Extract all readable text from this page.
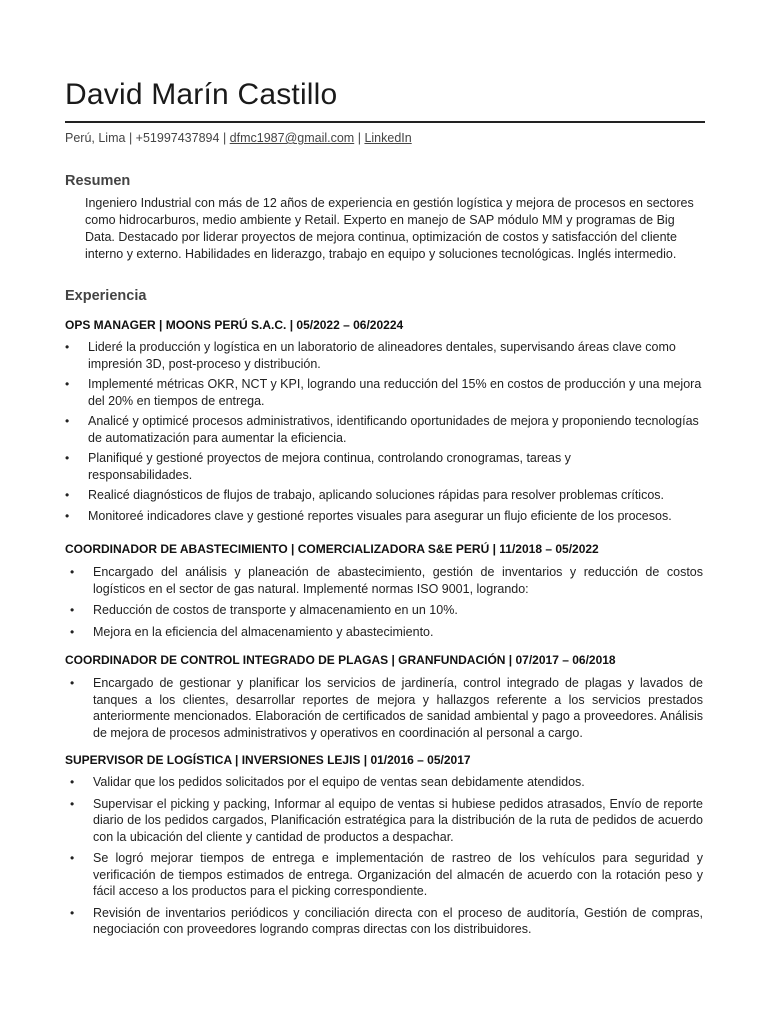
David Marín Castillo
Perú, Lima | +51997437894 | dfmc1987@gmail.com | LinkedIn
Resumen
Ingeniero Industrial con más de 12 años de experiencia en gestión logística y mejora de procesos en sectores como hidrocarburos, medio ambiente y Retail. Experto en manejo de SAP módulo MM y programas de Big Data. Destacado por liderar proyectos de mejora continua, optimización de costos y satisfacción del cliente interno y externo. Habilidades en liderazgo, trabajo en equipo y soluciones tecnológicas. Inglés intermedio.
Experiencia
OPS MANAGER | MOONS PERÚ S.A.C. | 05/2022 – 06/20224
• Lideré la producción y logística en un laboratorio de alineadores dentales, supervisando áreas clave como impresión 3D, post-proceso y distribución.
• Implementé métricas OKR, NCT y KPI, logrando una reducción del 15% en costos de producción y una mejora del 20% en tiempos de entrega.
• Analicé y optimicé procesos administrativos, identificando oportunidades de mejora y proponiendo tecnologías de automatización para aumentar la eficiencia.
• Planifiqué y gestioné proyectos de mejora continua, controlando cronogramas, tareas y responsabilidades.
• Realicé diagnósticos de flujos de trabajo, aplicando soluciones rápidas para resolver problemas críticos.
• Monitoreé indicadores clave y gestioné reportes visuales para asegurar un flujo eficiente de los procesos.
COORDINADOR DE ABASTECIMIENTO | COMERCIALIZADORA S&E PERÚ | 11/2018 – 05/2022
• Encargado del análisis y planeación de abastecimiento, gestión de inventarios y reducción de costos logísticos en el sector de gas natural. Implementé normas ISO 9001, logrando:
• Reducción de costos de transporte y almacenamiento en un 10%.
• Mejora en la eficiencia del almacenamiento y abastecimiento.
COORDINADOR DE CONTROL INTEGRADO DE PLAGAS | GRANFUNDACIÓN | 07/2017 – 06/2018
• Encargado de gestionar y planificar los servicios de jardinería, control integrado de plagas y lavados de tanques a los clientes, desarrollar reportes de mejora y hallazgos referente a los servicios prestados anteriormente mencionados. Elaboración de certificados de sanidad ambiental y pago a proveedores. Análisis de mejora de procesos administrativos y operativos en coordinación al personal a cargo.
SUPERVISOR DE LOGÍSTICA | INVERSIONES LEJIS | 01/2016 – 05/2017
• Validar que los pedidos solicitados por el equipo de ventas sean debidamente atendidos.
• Supervisar el picking y packing, Informar al equipo de ventas si hubiese pedidos atrasados, Envío de reporte diario de los pedidos cargados, Planificación estratégica para la distribución de la ruta de pedidos de acuerdo con la ubicación del cliente y cantidad de productos a despachar.
• Se logró mejorar tiempos de entrega e implementación de rastreo de los vehículos para seguridad y verificación de tiempos estimados de entrega. Organización del almacén de acuerdo con la rotación peso y fácil acceso a los productos para el picking correspondiente.
• Revisión de inventarios periódicos y conciliación directa con el proceso de auditoría, Gestión de compras, negociación con proveedores logrando compras directas con los distribuidores.
